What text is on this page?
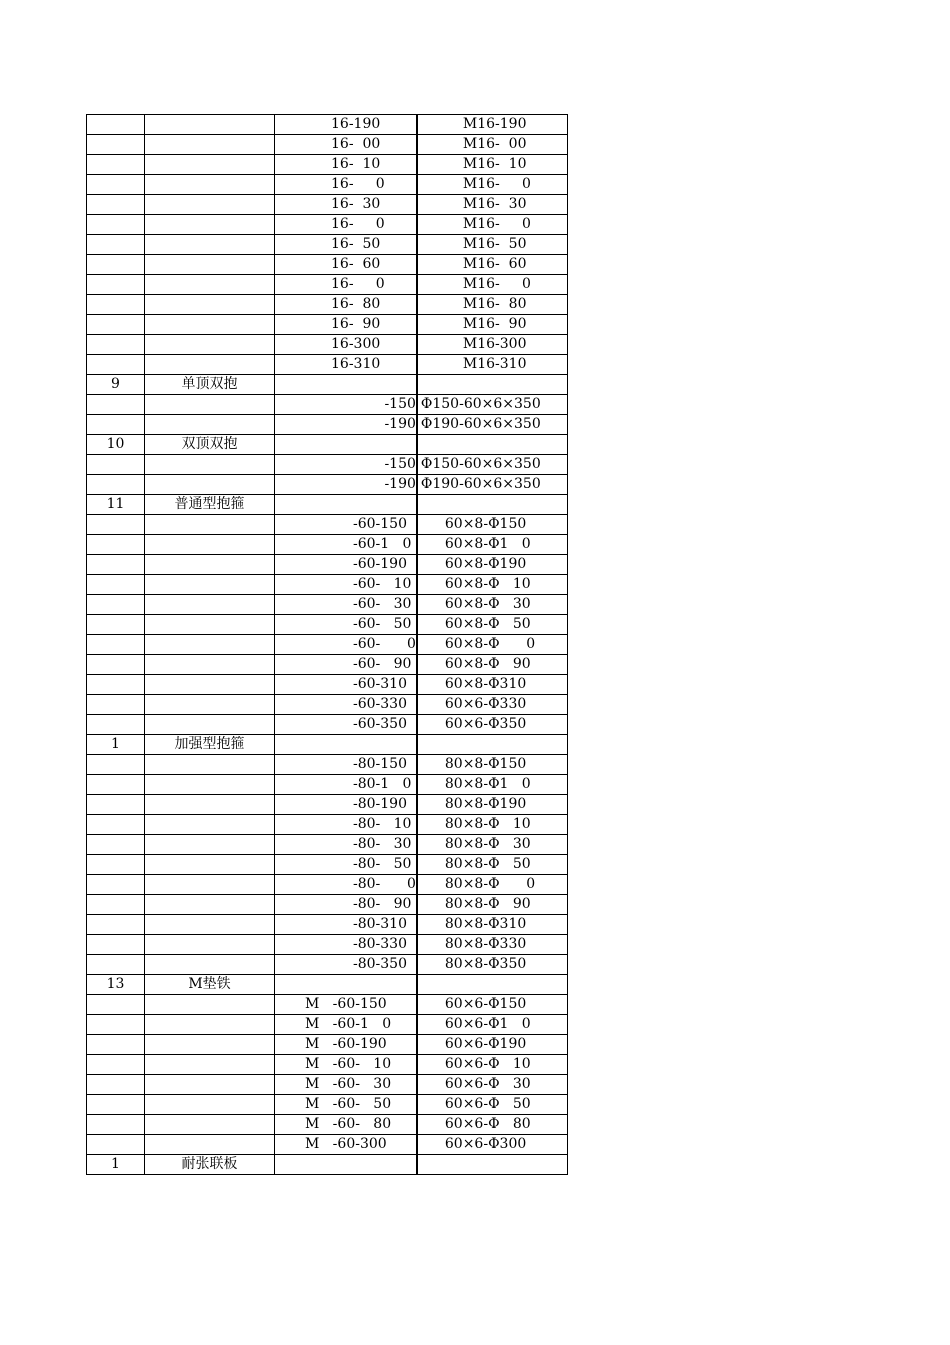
		16-190	M16-190
		16-  00	M16-  00
		16-  10	M16-  10
		16-     0	M16-     0
		16-  30	M16-  30
		16-     0	M16-     0
		16-  50	M16-  50
		16-  60	M16-  60
		16-     0	M16-     0
		16-  80	M16-  80
		16-  90	M16-  90
		16-300	M16-300
		16-310	M16-310
9	单顶双抱		

		-150	Φ150-60×6×350

		-190	Φ190-60×6×350
10	双顶双抱		

		-150	Φ150-60×6×350

		-190	Φ190-60×6×350
11	普通型抱箍		
		-60-150	60×8-Φ150
		-60-1   0	60×8-Φ1   0
		-60-190	60×8-Φ190
		-60-   10	60×8-Φ   10
		-60-   30	60×8-Φ   30
		-60-   50	60×8-Φ   50
		-60-      0	60×8-Φ      0
		-60-   90	60×8-Φ   90
		-60-310	60×8-Φ310
		-60-330	60×6-Φ330
		-60-350	60×6-Φ350
1	加强型抱箍		
		-80-150	80×8-Φ150
		-80-1   0	80×8-Φ1   0
		-80-190	80×8-Φ190
		-80-   10	80×8-Φ   10
		-80-   30	80×8-Φ   30
		-80-   50	80×8-Φ   50
		-80-      0	80×8-Φ      0
		-80-   90	80×8-Φ   90
		-80-310	80×8-Φ310
		-80-330	80×8-Φ330
		-80-350	80×8-Φ350
13	M垫铁		
		M   -60-150	60×6-Φ150
		M   -60-1   0	60×6-Φ1   0
		M   -60-190	60×6-Φ190
		M   -60-   10	60×6-Φ   10
		M   -60-   30	60×6-Φ   30
		M   -60-   50	60×6-Φ   50
		M   -60-   80	60×6-Φ   80
		M   -60-300	60×6-Φ300
1	耐张联板		
